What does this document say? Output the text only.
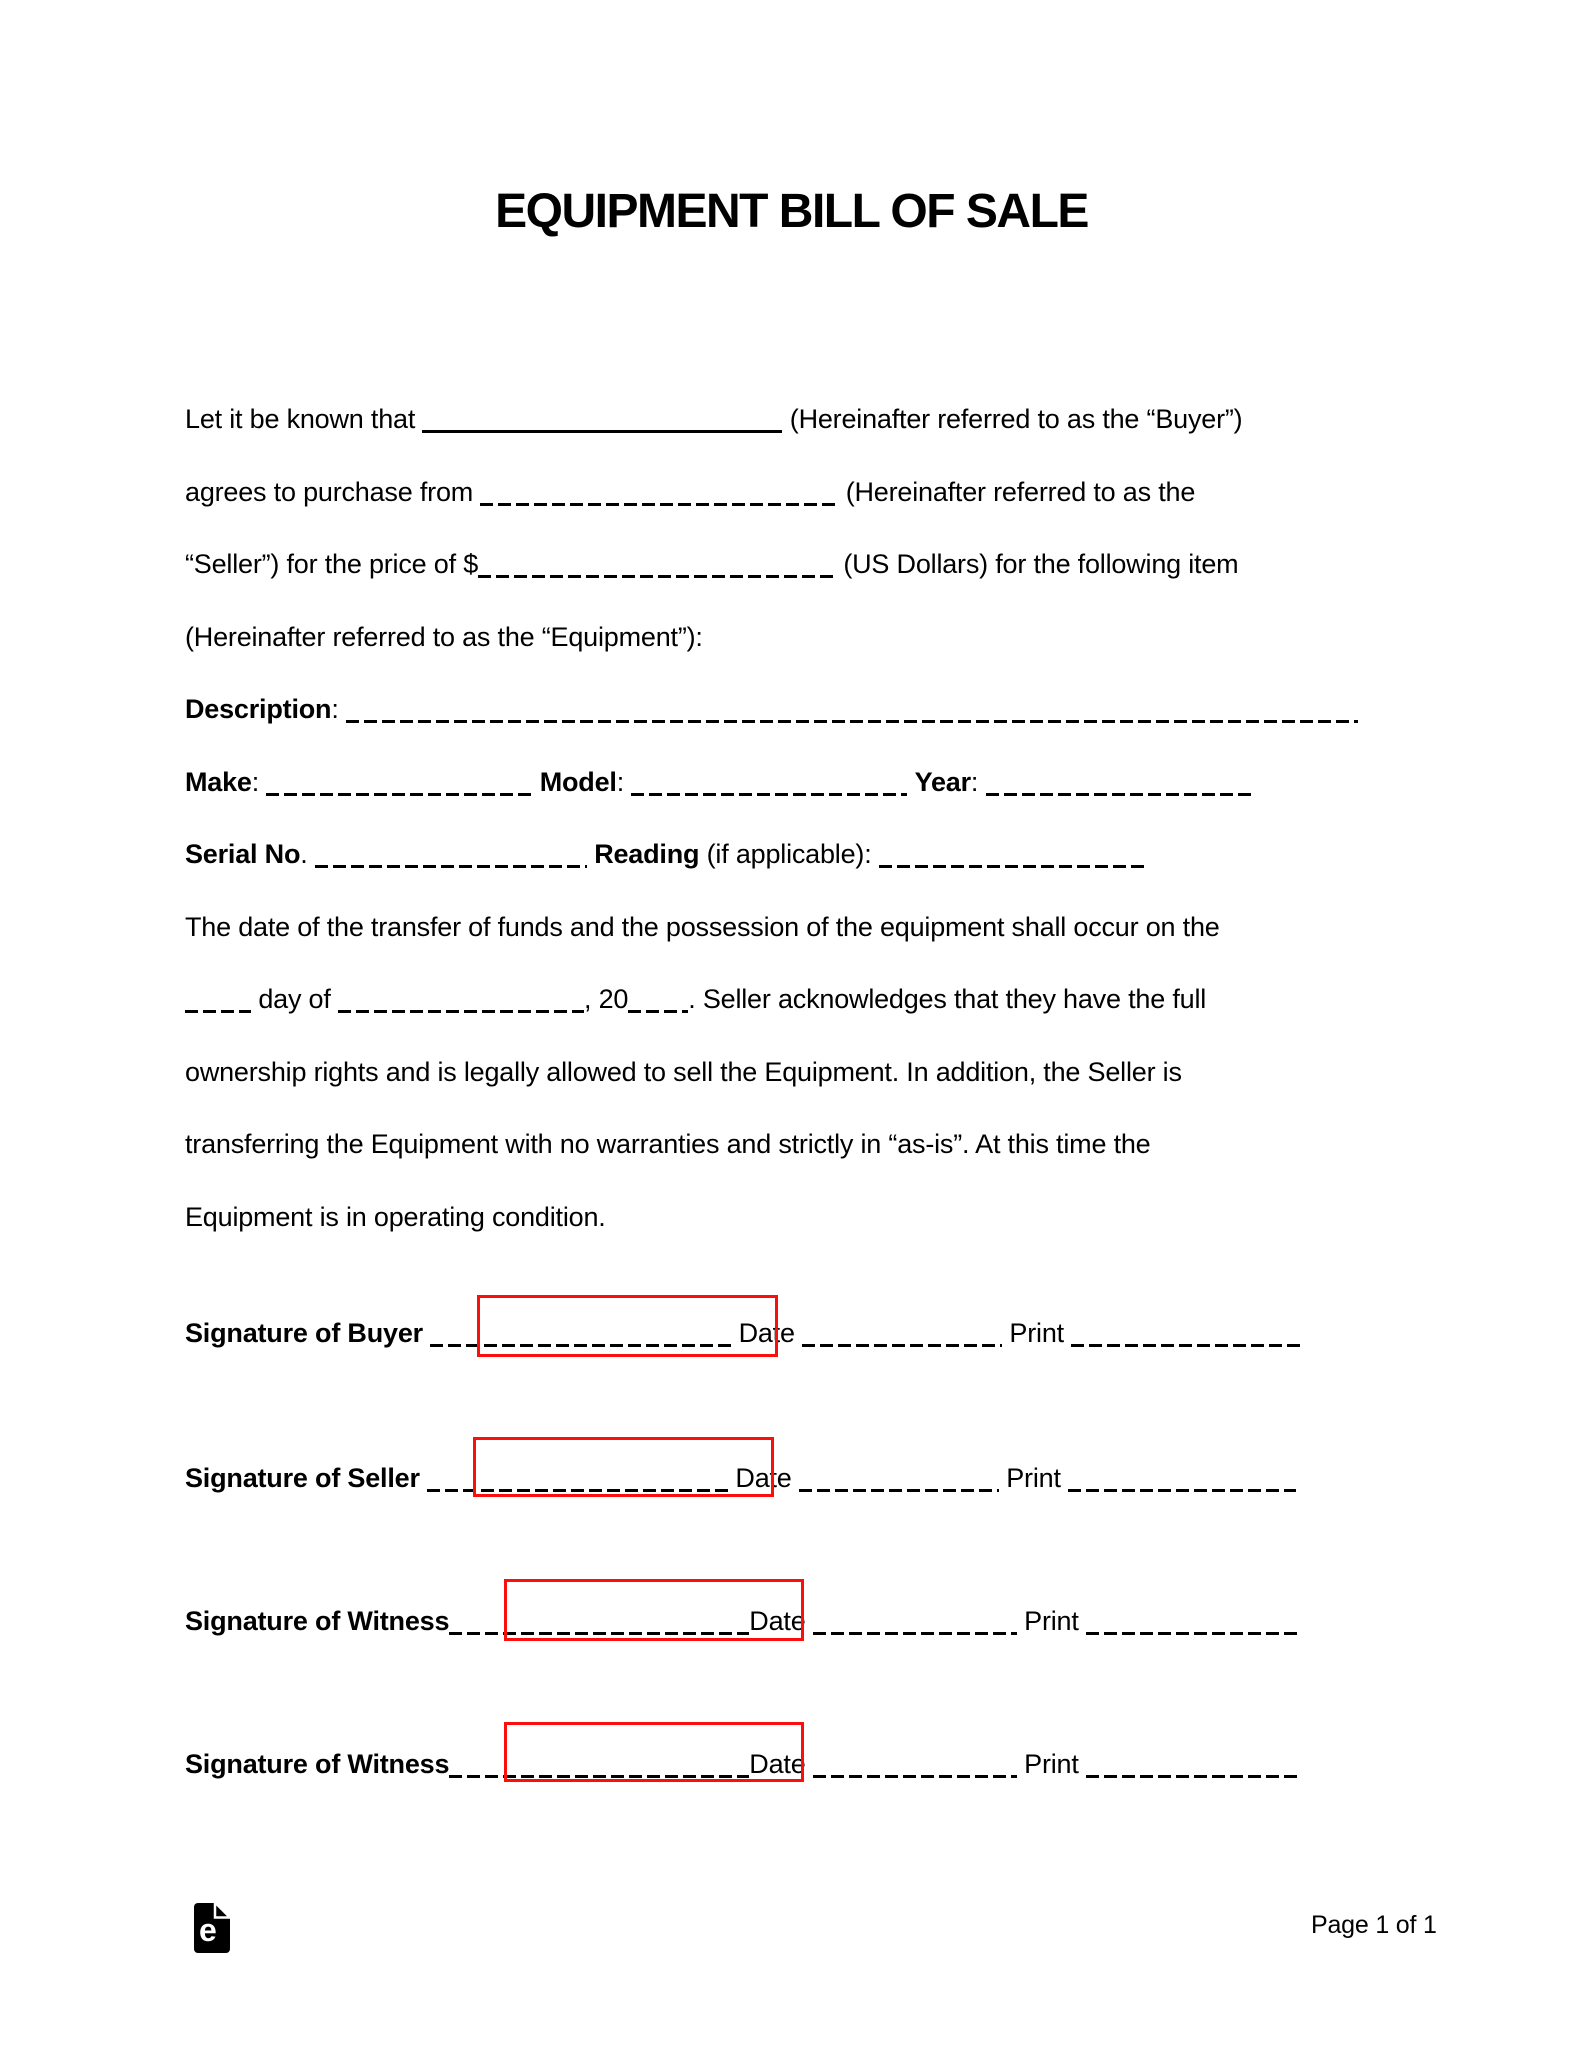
EQUIPMENT BILL OF SALE
Let it be known that	(Hereinafter referred to as the “Buyer”)
agrees to purchase from	(Hereinafter referred to as the
“Seller”) for the price of $	(US Dollars) for the following item
(Hereinafter referred to as the “Equipment”):
Description:
Make:	Model:	Year:
Serial No.	Reading (if applicable):
The date of the transfer of funds and the possession of the equipment shall occur on the
day of	, 20 . Seller acknowledges that they have the full
ownership rights and is legally allowed to sell the Equipment. In addition, the Seller is
transferring the Equipment with no warranties and strictly in “as-is”. At this time the
Equipment is in operating condition.
Signature of Buyer	Date	Print
Signature of Seller	Date	Print
Signature of Witness	Date	Print
Signature of Witness	Date	Print
e	Page 1 of 1
